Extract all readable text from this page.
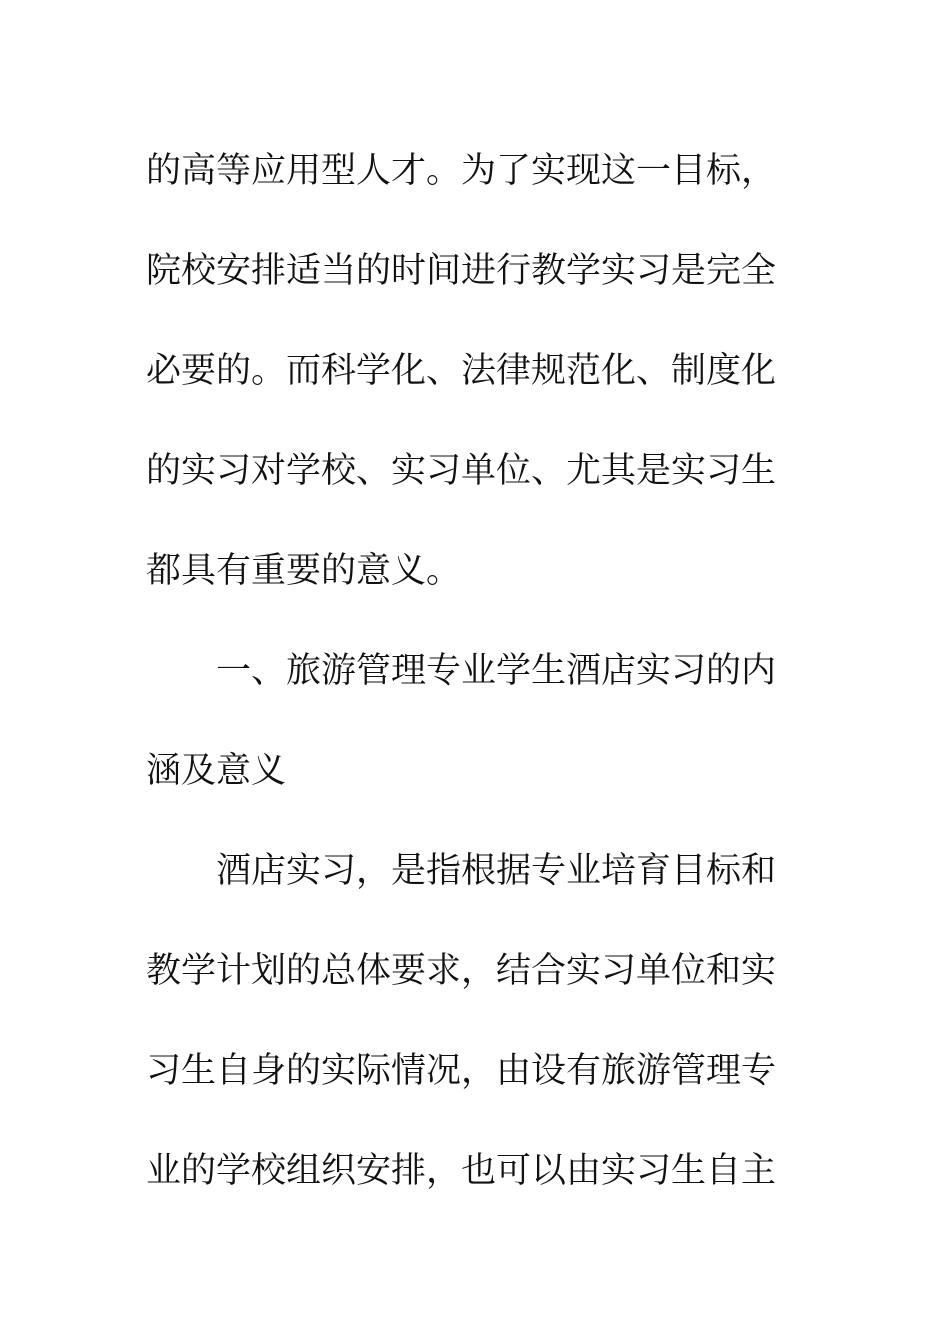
的高等应用型人才。为了实现这一目标，
院校安排适当的时间进行教学实习是完全
必要的。而科学化、法律规范化、制度化
的实习对学校、实习单位、尤其是实习生
都具有重要的意义。
一、旅游管理专业学生酒店实习的内
涵及意义
酒店实习，是指根据专业培育目标和
教学计划的总体要求，结合实习单位和实
习生自身的实际情况，由设有旅游管理专
业的学校组织安排，也可以由实习生自主
